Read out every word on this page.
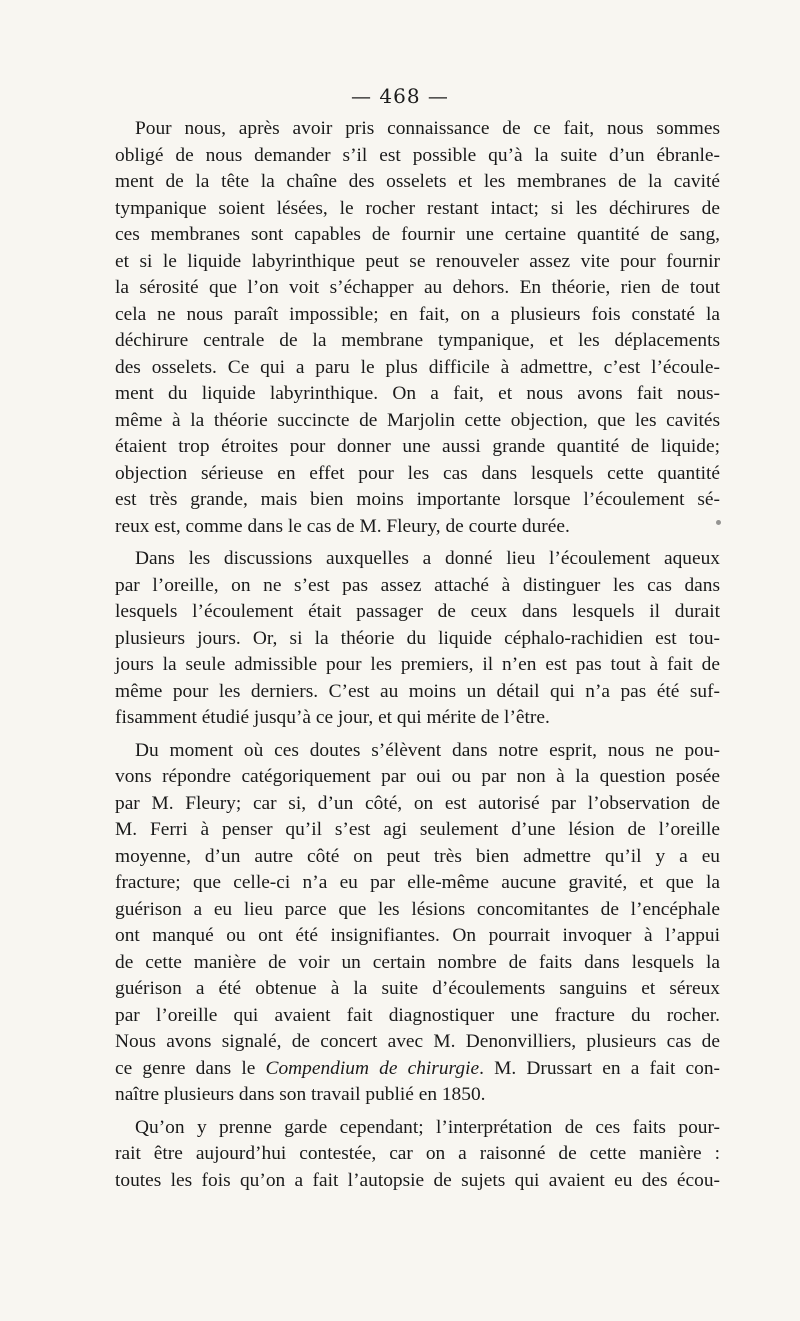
— 468 —

Pour nous, après avoir pris connaissance de ce fait, nous sommes
obligé de nous demander s’il est possible qu’à la suite d’un ébranle-
ment de la tête la chaîne des osselets et les membranes de la cavité
tympanique soient lésées, le rocher restant intact; si les déchirures de
ces membranes sont capables de fournir une certaine quantité de sang,
et si le liquide labyrinthique peut se renouveler assez vite pour fournir
la sérosité que l’on voit s’échapper au dehors. En théorie, rien de tout
cela ne nous paraît impossible; en fait, on a plusieurs fois constaté la
déchirure centrale de la membrane tympanique, et les déplacements
des osselets. Ce qui a paru le plus difficile à admettre, c’est l’écoule-
ment du liquide labyrinthique. On a fait, et nous avons fait nous-
même à la théorie succincte de Marjolin cette objection, que les cavités
étaient trop étroites pour donner une aussi grande quantité de liquide;
objection sérieuse en effet pour les cas dans lesquels cette quantité
est très grande, mais bien moins importante lorsque l’écoulement sé-
reux est, comme dans le cas de M. Fleury, de courte durée.

Dans les discussions auxquelles a donné lieu l’écoulement aqueux
par l’oreille, on ne s’est pas assez attaché à distinguer les cas dans
lesquels l’écoulement était passager de ceux dans lesquels il durait
plusieurs jours. Or, si la théorie du liquide céphalo-rachidien est tou-
jours la seule admissible pour les premiers, il n’en est pas tout à fait de
même pour les derniers. C’est au moins un détail qui n’a pas été suf-
fisamment étudié jusqu’à ce jour, et qui mérite de l’être.

Du moment où ces doutes s’élèvent dans notre esprit, nous ne pou-
vons répondre catégoriquement par oui ou par non à la question posée
par M. Fleury; car si, d’un côté, on est autorisé par l’observation de
M. Ferri à penser qu’il s’est agi seulement d’une lésion de l’oreille
moyenne, d’un autre côté on peut très bien admettre qu’il y a eu
fracture; que celle-ci n’a eu par elle-même aucune gravité, et que la
guérison a eu lieu parce que les lésions concomitantes de l’encéphale
ont manqué ou ont été insignifiantes. On pourrait invoquer à l’appui
de cette manière de voir un certain nombre de faits dans lesquels la
guérison a été obtenue à la suite d’écoulements sanguins et séreux
par l’oreille qui avaient fait diagnostiquer une fracture du rocher.
Nous avons signalé, de concert avec M. Denonvilliers, plusieurs cas de
ce genre dans le Compendium de chirurgie. M. Drussart en a fait con-
naître plusieurs dans son travail publié en 1850.

Qu’on y prenne garde cependant; l’interprétation de ces faits pour-
rait être aujourd’hui contestée, car on a raisonné de cette manière :
toutes les fois qu’on a fait l’autopsie de sujets qui avaient eu des écou-
